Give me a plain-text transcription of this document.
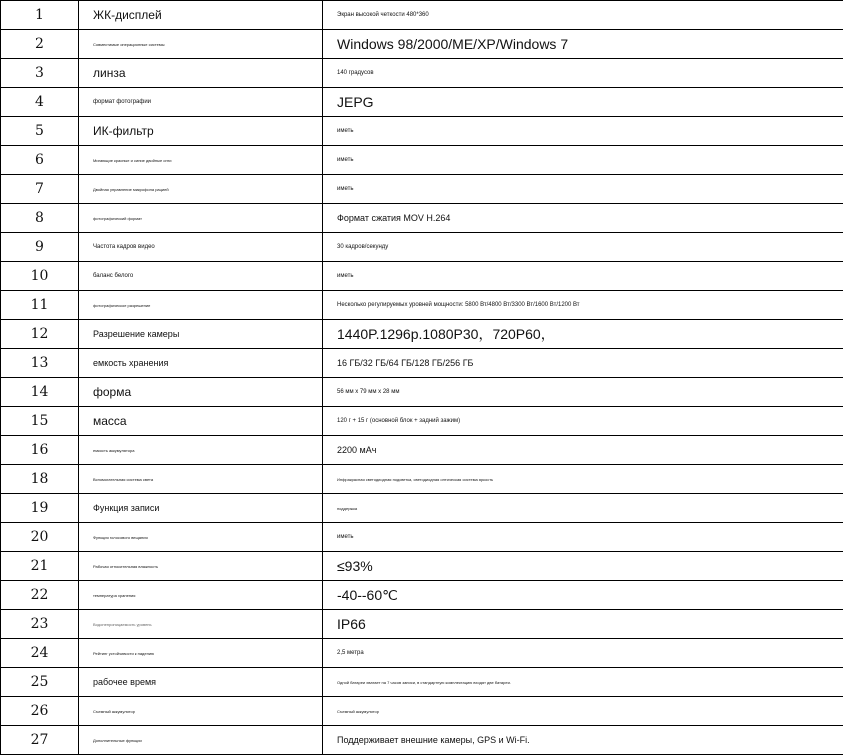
1	ЖК-дисплей	Экран высокой четкости 480*360
2	Совместимые операционные системы	Windows 98/2000/ME/XP/Windows 7
3	линза	140 градусов
4	формат фотографии	JEPG
5	ИК-фильтр	иметь
6	Мигающие красные и синие двойные огни	иметь
7	Двойная управление микрофона рацией	иметь
8	фотографический формат	Формат сжатия MOV H.264
9	Частота кадров видео	30 кадров/секунду
10	баланс белого	иметь
11	фотографическое разрешение	Несколько регулируемых уровней мощности: 5800 Вт/4800 Вт/3300 Вт/1600 Вт/1200 Вт
12	Разрешение камеры	1440P.1296p.1080P30，720P60，
13	емкость хранения	16 ГБ/32 ГБ/64 ГБ/128 ГБ/256 ГБ
14	форма	56 мм x 79 мм x 28 мм
15	масса	120 г + 15 г (основной блок + задний зажим)
16	емкость аккумулятора	2200 мАч
18	Вспомогательная система света	Инфракрасная светодиодная подсветка, светодиодная оптическая система яркость
19	Функция записи	поддержка
20	Функция голосового вещания	иметь
21	Рабочая относительная влажность	≤93%
22	температура хранения	-40--60℃
23	Водонепроницаемость уровень	IP66
24	Рейтинг устойчивости к падению	2,5 метра
25	рабочее время	Одной батареи хватает на 7 часов записи, в стандартную комплектацию входят две батареи.
26	Съемный аккумулятор	Съемный аккумулятор
27	Дополнительные функции	Поддерживает внешние камеры, GPS и Wi-Fi.
